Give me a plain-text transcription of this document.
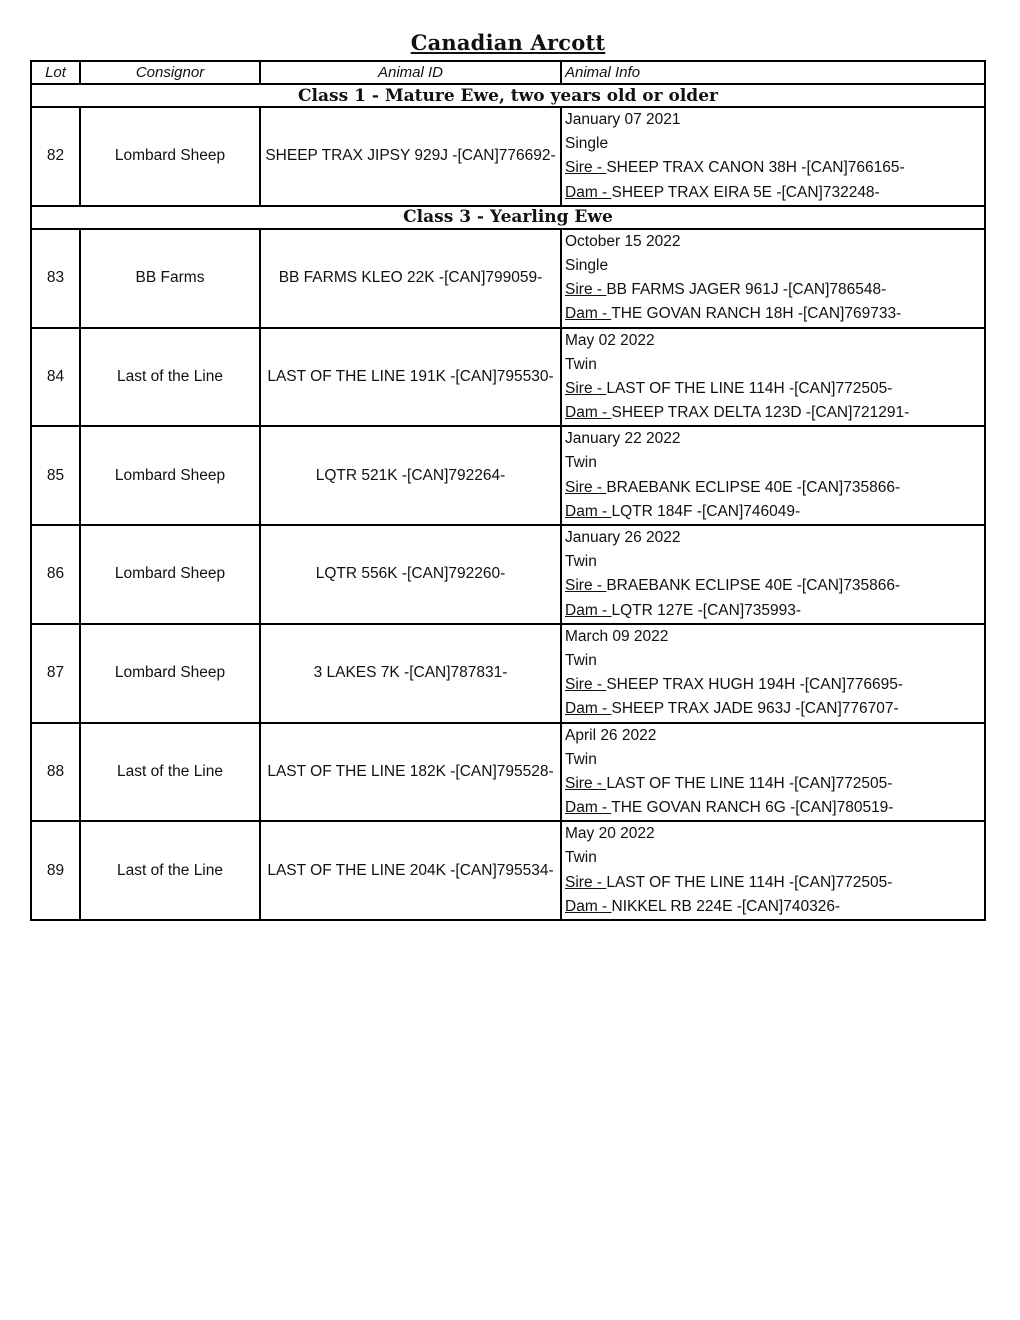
Canadian Arcott
Lot	Consignor	Animal ID	Animal Info
Class 1 - Mature Ewe, two years old or older			
82	Lombard Sheep	SHEEP TRAX JIPSY 929J -[CAN]776692-	January 07 2021
Single
Sire - SHEEP TRAX CANON 38H -[CAN]766165-
Dam - SHEEP TRAX EIRA 5E -[CAN]732248-

Class 3 - Yearling Ewe			
83	BB Farms	BB FARMS KLEO 22K -[CAN]799059-	October 15 2022
Single
Sire - BB FARMS JAGER 961J -[CAN]786548-
Dam - THE GOVAN RANCH 18H -[CAN]769733-

84	Last of the Line	LAST OF THE LINE 191K -[CAN]795530-	May 02 2022
Twin
Sire - LAST OF THE LINE 114H -[CAN]772505-
Dam - SHEEP TRAX DELTA 123D -[CAN]721291-

85	Lombard Sheep	LQTR 521K -[CAN]792264-	January 22 2022
Twin
Sire - BRAEBANK ECLIPSE 40E -[CAN]735866-
Dam - LQTR 184F -[CAN]746049-

86	Lombard Sheep	LQTR 556K -[CAN]792260-	January 26 2022
Twin
Sire - BRAEBANK ECLIPSE 40E -[CAN]735866-
Dam - LQTR 127E -[CAN]735993-

87	Lombard Sheep	3 LAKES 7K -[CAN]787831-	March 09 2022
Twin
Sire - SHEEP TRAX HUGH 194H -[CAN]776695-
Dam - SHEEP TRAX JADE 963J -[CAN]776707-

88	Last of the Line	LAST OF THE LINE 182K -[CAN]795528-	April 26 2022
Twin
Sire - LAST OF THE LINE 114H -[CAN]772505-
Dam - THE GOVAN RANCH 6G -[CAN]780519-

89	Last of the Line	LAST OF THE LINE 204K -[CAN]795534-	May 20 2022
Twin
Sire - LAST OF THE LINE 114H -[CAN]772505-
Dam - NIKKEL RB 224E -[CAN]740326-
